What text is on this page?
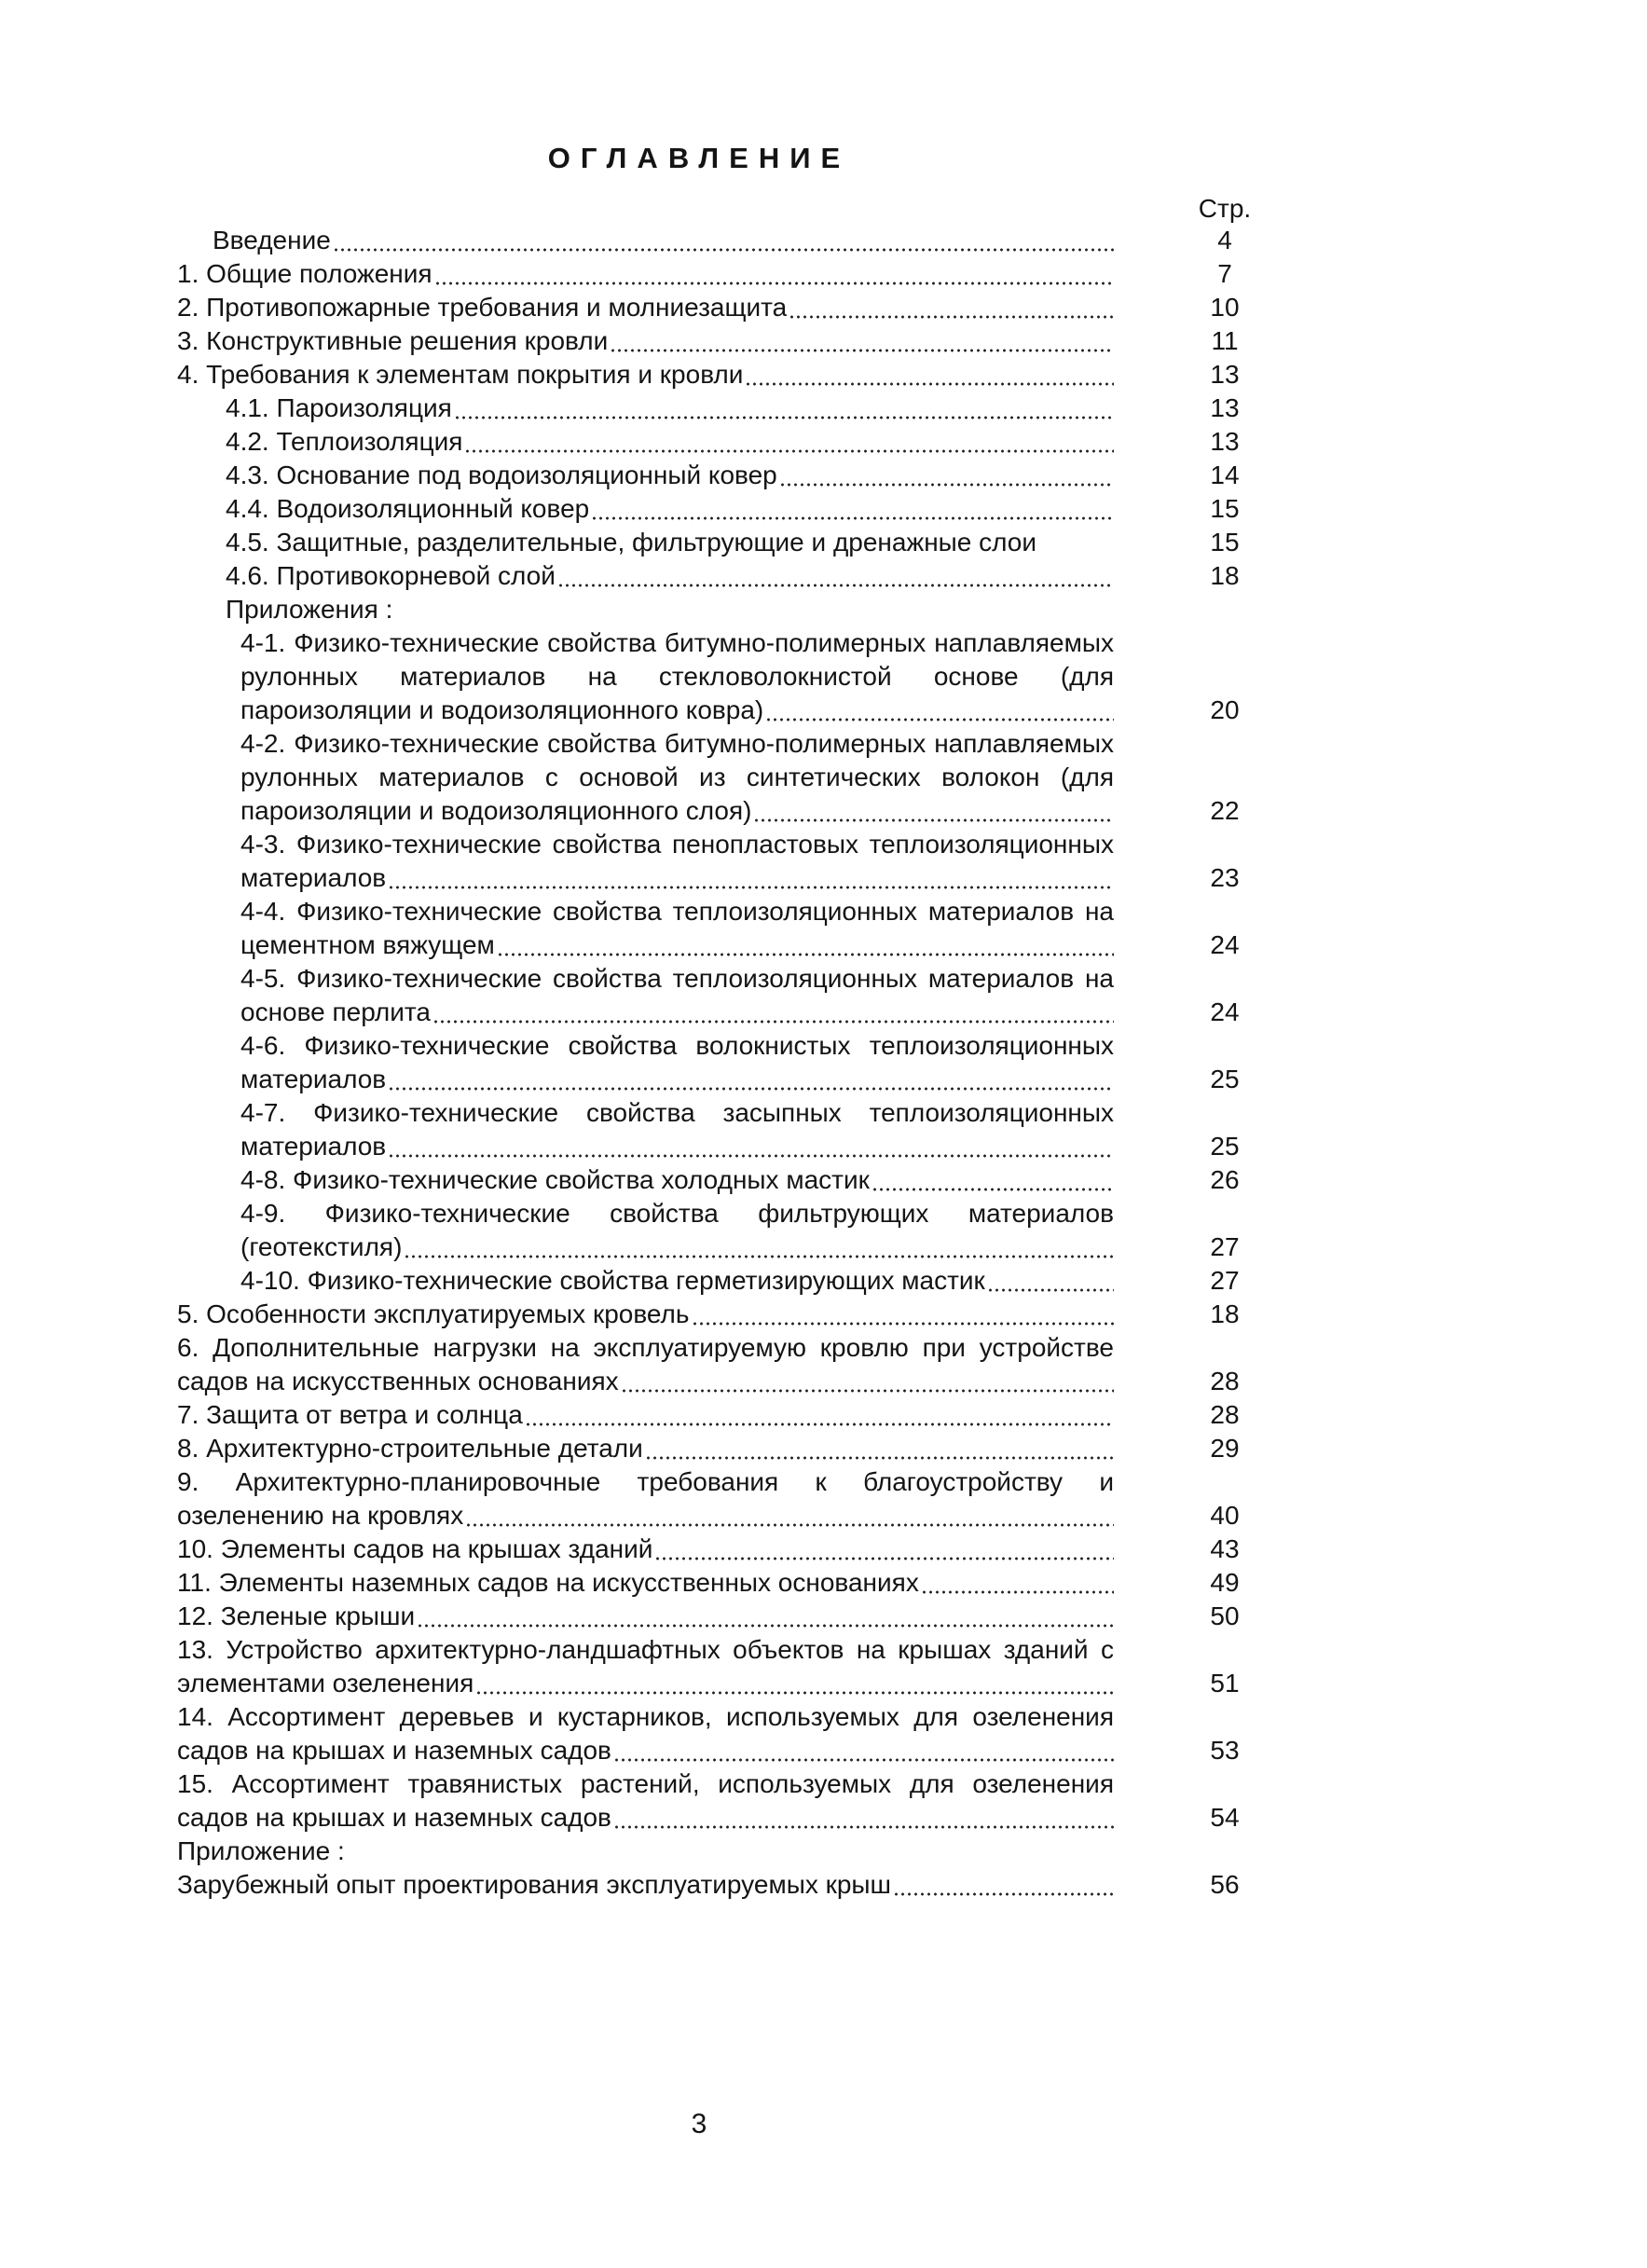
ОГЛАВЛЕНИЕ
Стр.
Введение	4
1. Общие положения	7
2. Противопожарные требования и молниезащита	10
3. Конструктивные решения кровли	11
4. Требования к элементам покрытия и кровли	13
4.1. Пароизоляция	13
4.2. Теплоизоляция	13
4.3. Основание под водоизоляционный ковер	14
4.4. Водоизоляционный ковер	15
4.5. Защитные, разделительные, фильтрующие и дренажные слои	15
4.6. Противокорневой слой	18
Приложения :
4-1. Физико-технические свойства битумно-полимерных наплавляемых рулонных материалов на стекловолокнистой основе (для пароизоляции и водоизоляционного ковра)	20
4-2. Физико-технические свойства битумно-полимерных наплавляемых рулонных материалов с основой из синтетических волокон (для пароизоляции и водоизоляционного слоя)	22
4-3. Физико-технические свойства пенопластовых теплоизоляционных материалов	23
4-4. Физико-технические свойства теплоизоляционных материалов на цементном вяжущем	24
4-5. Физико-технические свойства теплоизоляционных материалов на основе перлита	24
4-6. Физико-технические свойства волокнистых теплоизоляционных материалов	25
4-7. Физико-технические свойства засыпных теплоизоляционных материалов	25
4-8. Физико-технические свойства холодных мастик	26
4-9. Физико-технические свойства фильтрующих материалов (геотекстиля)	27
4-10. Физико-технические свойства герметизирующих мастик	27
5. Особенности эксплуатируемых кровель	18
6. Дополнительные нагрузки на эксплуатируемую кровлю при устройстве садов на искусственных основаниях	28
7. Защита от ветра и солнца	28
8. Архитектурно-строительные детали	29
9. Архитектурно-планировочные требования к благоустройству и озеленению на кровлях	40
10. Элементы садов на крышах зданий	43
11. Элементы наземных садов на искусственных основаниях	49
12. Зеленые крыши	50
13. Устройство архитектурно-ландшафтных объектов на крышах зданий с элементами озеленения	51
14. Ассортимент деревьев и кустарников, используемых для озеленения садов на крышах и наземных садов	53
15. Ассортимент травянистых растений, используемых для озеленения садов на крышах и наземных садов	54
Приложение :
Зарубежный опыт проектирования эксплуатируемых крыш	56
3
